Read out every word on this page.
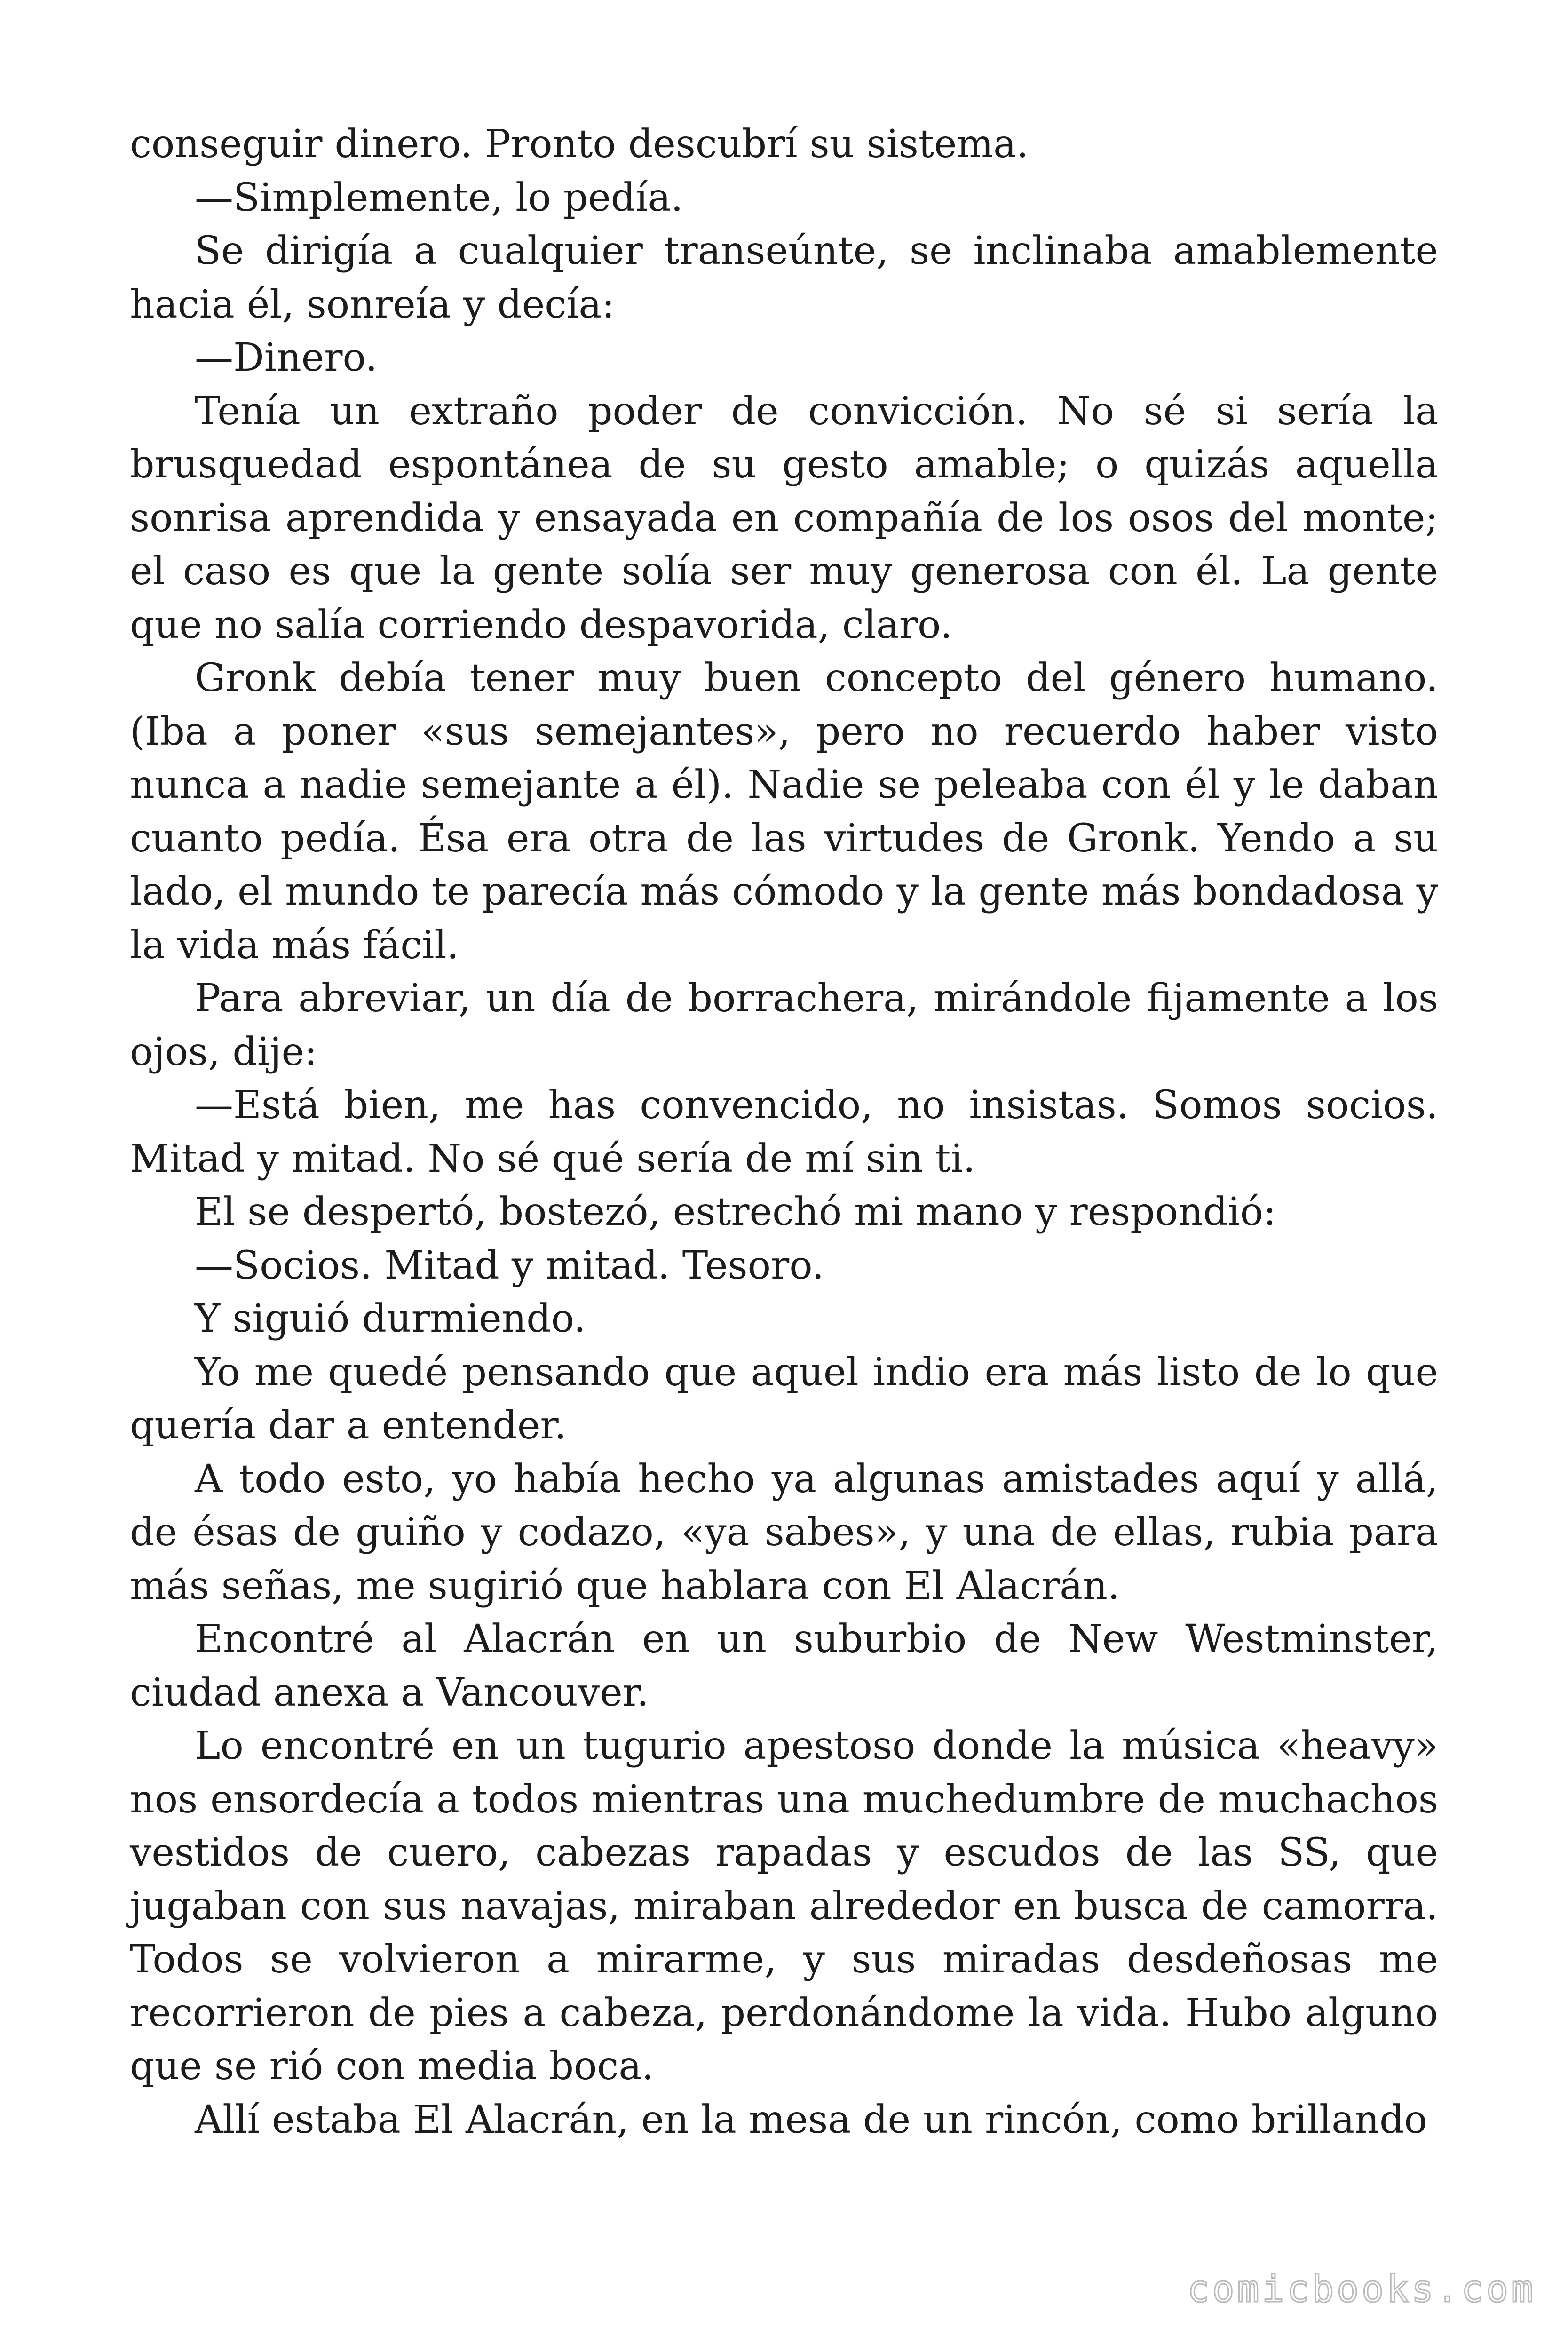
conseguir dinero. Pronto descubrí su sistema.

—Simplemente, lo pedía.

Se dirigía a cualquier transeúnte, se inclinaba amablemente hacia él, sonreía y decía:

—Dinero.

Tenía un extraño poder de convicción. No sé si sería la brusquedad espontánea de su gesto amable; o quizás aquella sonrisa aprendida y ensayada en compañía de los osos del monte; el caso es que la gente solía ser muy generosa con él. La gente que no salía corriendo despavorida, claro.

Gronk debía tener muy buen concepto del género humano. (Iba a poner «sus semejantes», pero no recuerdo haber visto nunca a nadie semejante a él). Nadie se peleaba con él y le daban cuanto pedía. Ésa era otra de las virtudes de Gronk. Yendo a su lado, el mundo te parecía más cómodo y la gente más bondadosa y la vida más fácil.

Para abreviar, un día de borrachera, mirándole fijamente a los ojos, dije:

—Está bien, me has convencido, no insistas. Somos socios. Mitad y mitad. No sé qué sería de mí sin ti.

El se despertó, bostezó, estrechó mi mano y respondió:

—Socios. Mitad y mitad. Tesoro.

Y siguió durmiendo.

Yo me quedé pensando que aquel indio era más listo de lo que quería dar a entender.

A todo esto, yo había hecho ya algunas amistades aquí y allá, de ésas de guiño y codazo, «ya sabes», y una de ellas, rubia para más señas, me sugirió que hablara con El Alacrán.

Encontré al Alacrán en un suburbio de New Westminster, ciudad anexa a Vancouver.

Lo encontré en un tugurio apestoso donde la música «heavy» nos ensordecía a todos mientras una muchedumbre de muchachos vestidos de cuero, cabezas rapadas y escudos de las SS, que jugaban con sus navajas, miraban alrededor en busca de camorra. Todos se volvieron a mirarme, y sus miradas desdeñosas me recorrieron de pies a cabeza, perdonándome la vida. Hubo alguno que se rió con media boca.

Allí estaba El Alacrán, en la mesa de un rincón, como brillando

comicbooks.com
